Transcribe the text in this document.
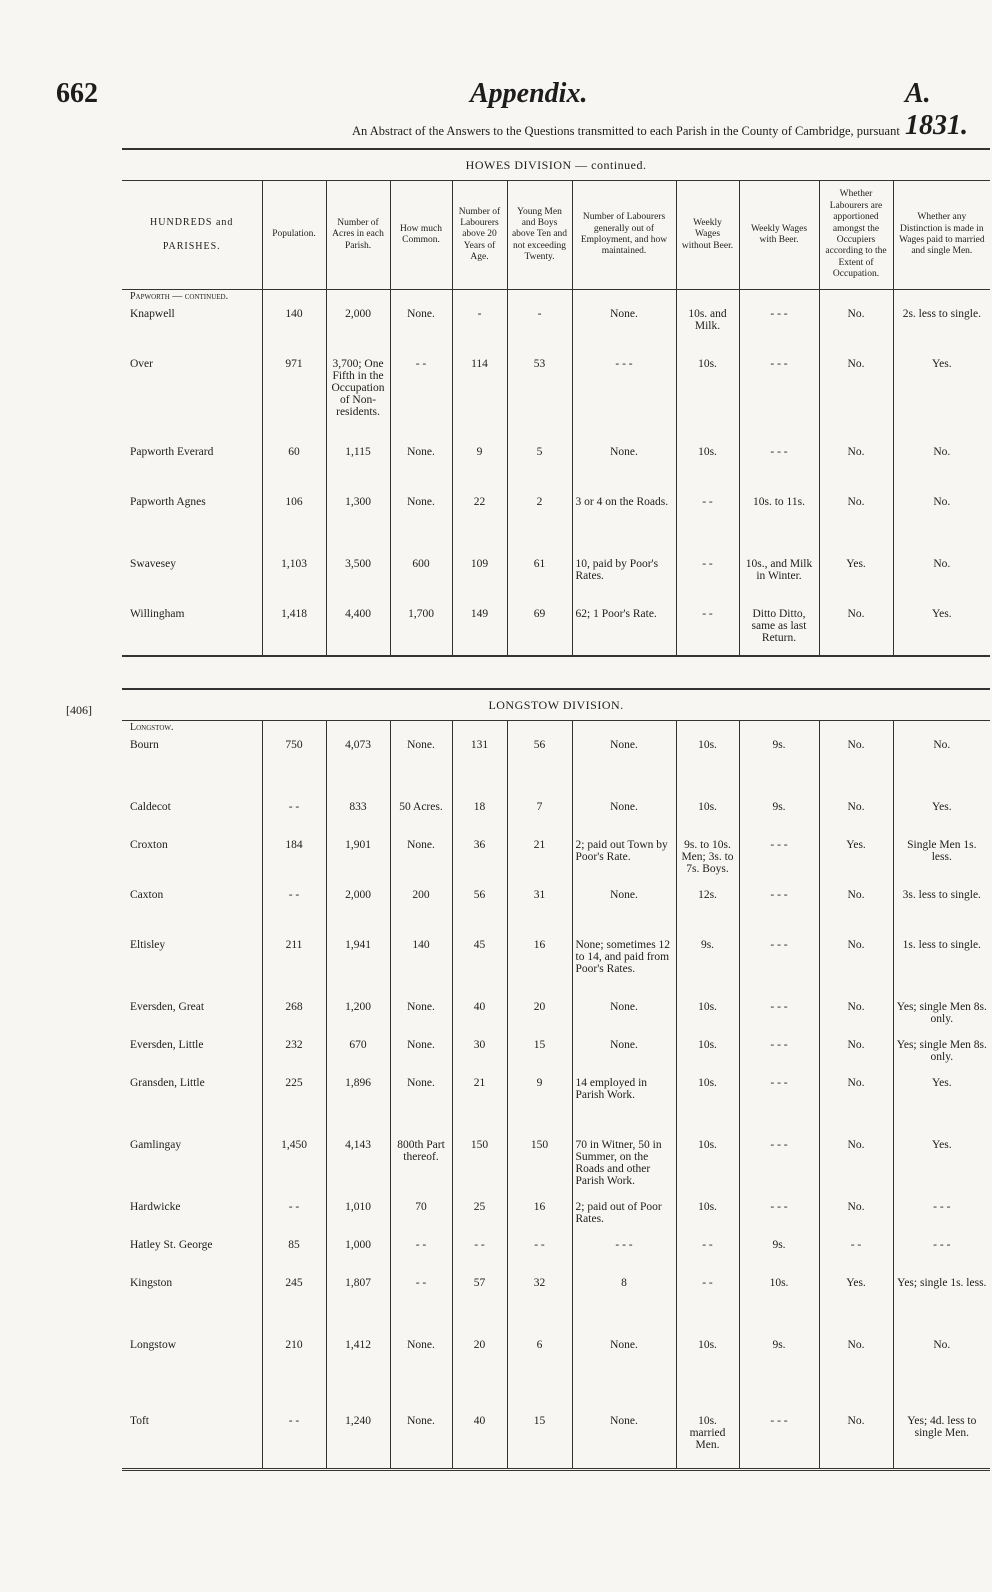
662	Appendix.	A. 1831.
An Abstract of the Answers to the Questions transmitted to each Parish in the County of Cambridge, pursuant
[406]
HOWES DIVISION — continued.										
HUNDREDS and PARISHES.	Population.	Number of Acres in each Parish.	How much Common.	Number of Labourers above 20 Years of Age.	Young Men and Boys above Ten and not exceeding Twenty.	Number of Labourers generally out of Employment, and how maintained.	Weekly Wages without Beer.	Weekly Wages with Beer.	Whether Labourers are apportioned amongst the Occupiers according to the Extent of Occupation.	Whether any Distinction is made in Wages paid to married and single Men.
Papworth — continued.										
Knapwell	140	2,000	None.	-	-	None.	10s. and Milk.	- - -	No.	2s. less to single.
Over	971	3,700; One Fifth in the Occupation of Non-residents.	- -	114	53	- - -	10s.	- - -	No.	Yes.
Papworth Everard	60	1,115	None.	9	5	None.	10s.	- - -	No.	No.
Papworth Agnes	106	1,300	None.	22	2	3 or 4 on the Roads.	- -	10s. to 11s.	No.	No.
Swavesey	1,103	3,500	600	109	61	10, paid by Poor's Rates.	- -	10s., and Milk in Winter.	Yes.	No.
Willingham	1,418	4,400	1,700	149	69	62; 1 Poor's Rate.	- -	Ditto Ditto, same as last Return.	No.	Yes.
LONGSTOW DIVISION.										
Longstow.										
Bourn	750	4,073	None.	131	56	None.	10s.	9s.	No.	No.
Caldecot	- -	833	50 Acres.	18	7	None.	10s.	9s.	No.	Yes.
Croxton	184	1,901	None.	36	21	2; paid out Town by Poor's Rate.	9s. to 10s. Men; 3s. to 7s. Boys.	- - -	Yes.	Single Men 1s. less.
Caxton	- -	2,000	200	56	31	None.	12s.	- - -	No.	3s. less to single.
Eltisley	211	1,941	140	45	16	None; sometimes 12 to 14, and paid from Poor's Rates.	9s.	- - -	No.	1s. less to single.
Eversden, Great	268	1,200	None.	40	20	None.	10s.	- - -	No.	Yes; single Men 8s. only.
Eversden, Little	232	670	None.	30	15	None.	10s.	- - -	No.	Yes; single Men 8s. only.
Gransden, Little	225	1,896	None.	21	9	14 employed in Parish Work.	10s.	- - -	No.	Yes.
Gamlingay	1,450	4,143	800th Part thereof.	150	150	70 in Witner, 50 in Summer, on the Roads and other Parish Work.	10s.	- - -	No.	Yes.
Hardwicke	- -	1,010	70	25	16	2; paid out of Poor Rates.	10s.	- - -	No.	- - -
Hatley St. George	85	1,000	- -	- -	- -	- - -	- -	9s.	- -	- - -
Kingston	245	1,807	- -	57	32	8	- -	10s.	Yes.	Yes; single 1s. less.
Longstow	210	1,412	None.	20	6	None.	10s.	9s.	No.	No.
Toft	- -	1,240	None.	40	15	None.	10s. married Men.	- - -	No.	Yes; 4d. less to single Men.
